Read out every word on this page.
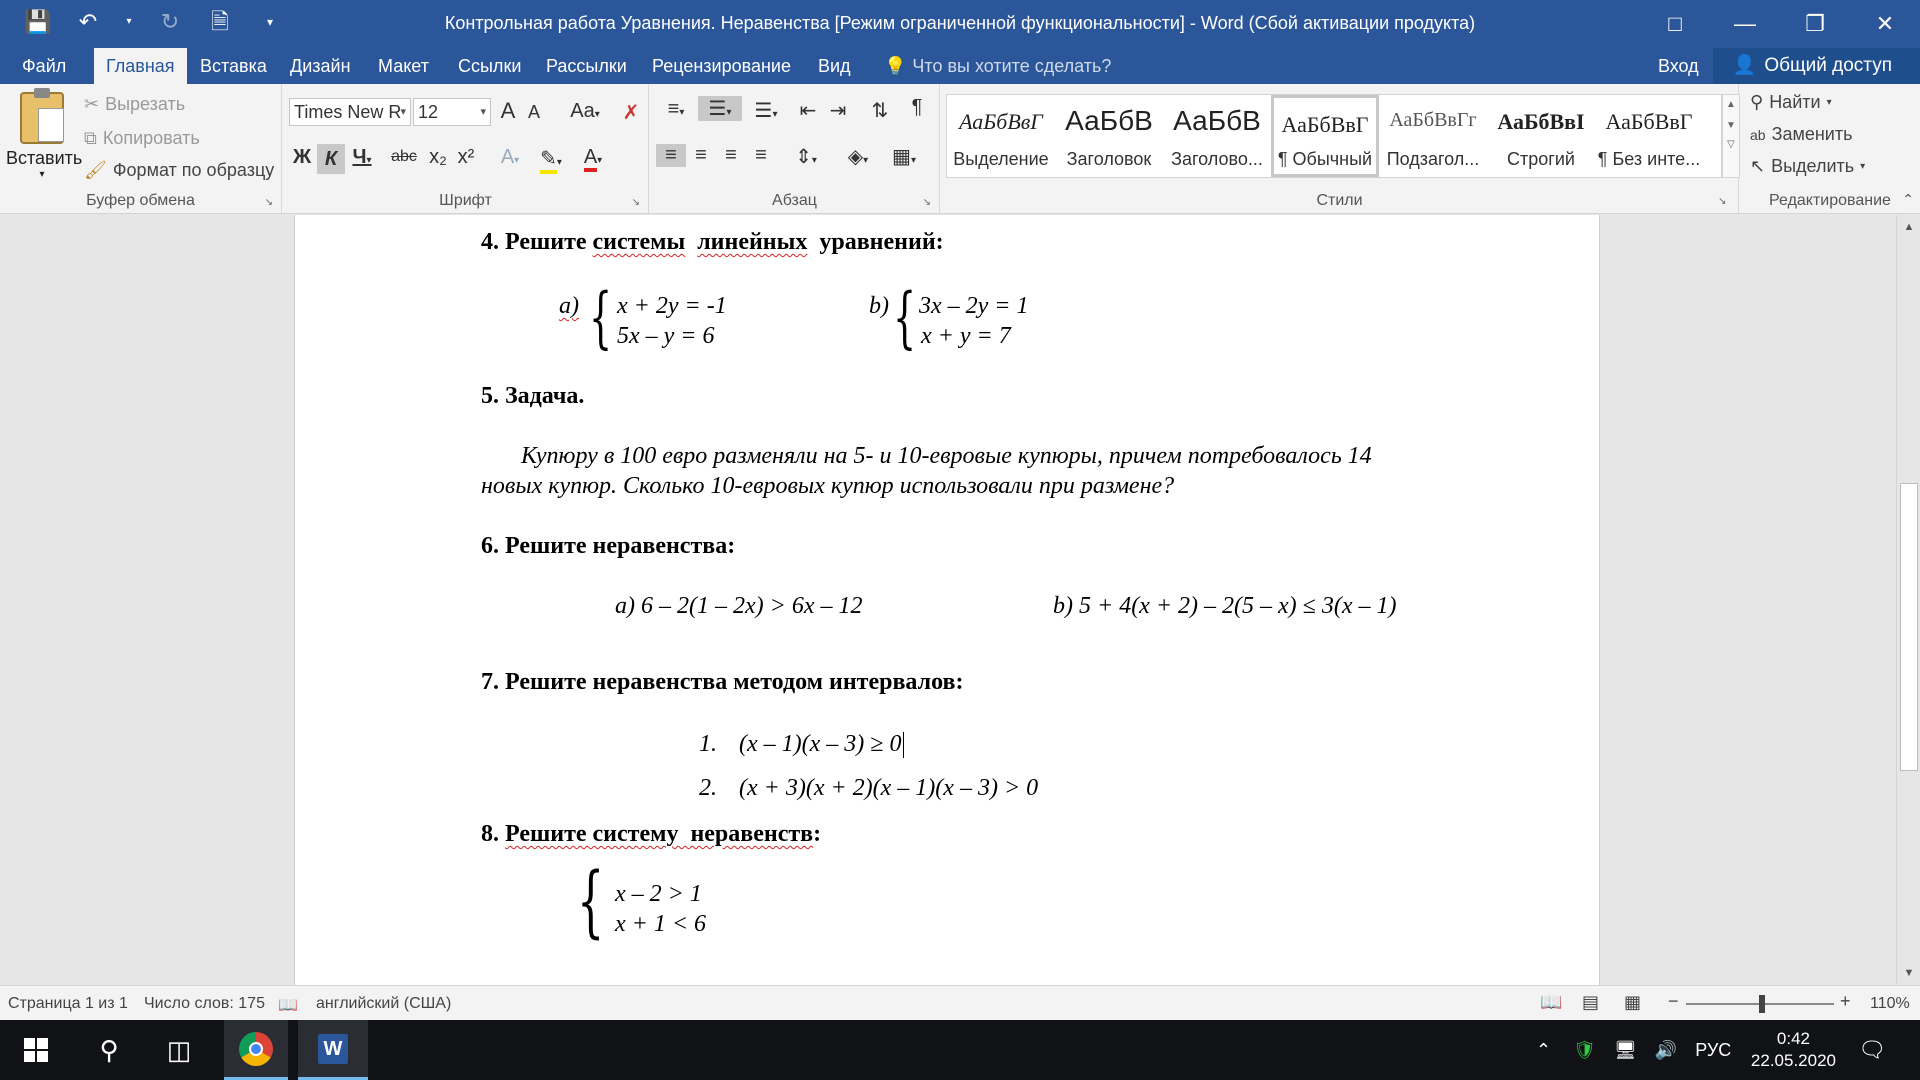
💾 ↶	▾ ↻ 🗎	▾	Контрольная работа Уравнения. Неравенства [Режим ограниченной функциональности] - Word (Сбой активации продукта)	□	—	❐	✕
Файл	Главная	Вставка	Дизайн	Макет	Ссылки	Рассылки	Рецензирование	Вид	💡 Что вы хотите сделать?	Вход	👤 Общий доступ
Вставить
▾
✂ Вырезать
⧉ Копировать
🖌 Формат по образцу
Буфер обмена	↘
Times New R ▾ 12	▾ A A	Aa▾	✗
Ж К Ч▾	abc x₂ x²	A▾	✎▾	A▾
Шрифт	↘
≡▾	☰▾	☰▾	⇤ ⇥ ⇅	¶
≡ ≡ ≡ ≡	⇕▾	◈▾	▦▾
Абзац	↘	Стили
АаБбВвГ
Выделение
АаБбВ
Заголовок
АаБбВ
Заголово...
АаБбВвГ
¶ Обычный
АаБбВвГг
Подзагол...
АаБбВвI
Строгий
АаБбВвГ
¶ Без инте...
▲
▼
▽
↘
⚲ Найти ▾
ab Заменить
↖ Выделить ▾
Редактирование ⌃
4. Решите системы линейных  уравнений:
a) { x + 2y = -1
5x – y = 6
b) { 3x – 2y = 1
x + y = 7
5. Задача.
Купюру в 100 евро разменяли на 5- и 10-евровые купюры, причем потребовалось 14
новых купюр. Сколько 10-евровых купюр использовали при размене?
6. Решите неравенства:
а) 6 – 2(1 – 2x) > 6x – 12	b) 5 + 4(x + 2) – 2(5 – x) ≤ 3(x – 1)
7. Решите неравенства методом интервалов:
1. (x – 1)(x – 3) ≥ 0
2. (x + 3)(x + 2)(x – 1)(x – 3) > 0
8. Решите систему  неравенств:
{ x – 2 > 1
x + 1 < 6
▲
▼
Страница 1 из 1 Число слов: 175 📖 английский (США)	📖 ▤ ▦ −	+ 110%
⚲	◫	W	⌃ 🛡 🖥 🔊 РУС
0:42
22.05.2020	🗨
